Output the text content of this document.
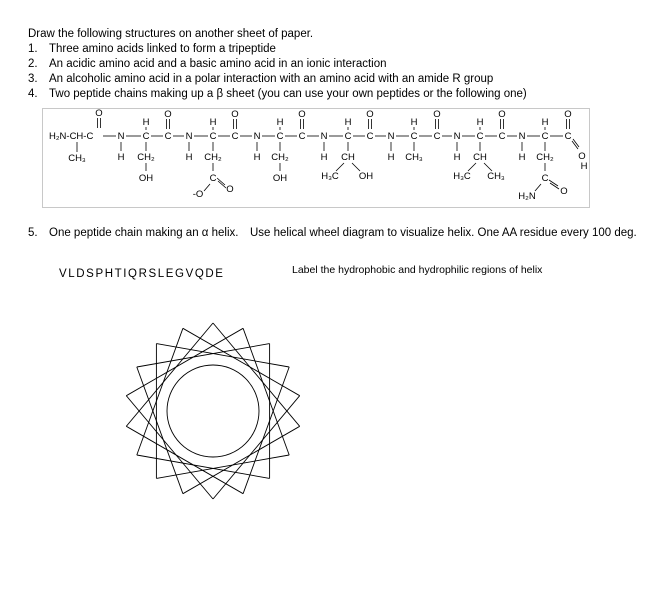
Draw the following structures on another sheet of paper.
1. Three amino acids linked to form a tripeptide
2. An acidic amino acid and a basic amino acid in an ionic interaction
3. An alcoholic amino acid in a polar interaction with an amino acid with an amide R group
4. Two peptide chains making up a β sheet (you can use your own peptides or the following one)
H₂N-CH-C
CH₃
O
N
H
C
H
C
O
CH₂
OH
N
H
C
H
C
O
CH₂
C
O
-O
N
H
C
H
C
O
CH₂
OH
N
H
C
H
C
O
CH
H₃C OH
N
H
C
H
C
O
CH₃
N
H
C
H
C
O
CH
H₃C CH₃
N
H
C
H
C
O
CH₂
C
H₂N	O
O
H
5. One peptide chain making an α helix. Use helical wheel diagram to visualize helix. One AA residue every 100 deg.
VLDSPHTIQRSLEGVQDE	Label the hydrophobic and hydrophilic regions of helix
